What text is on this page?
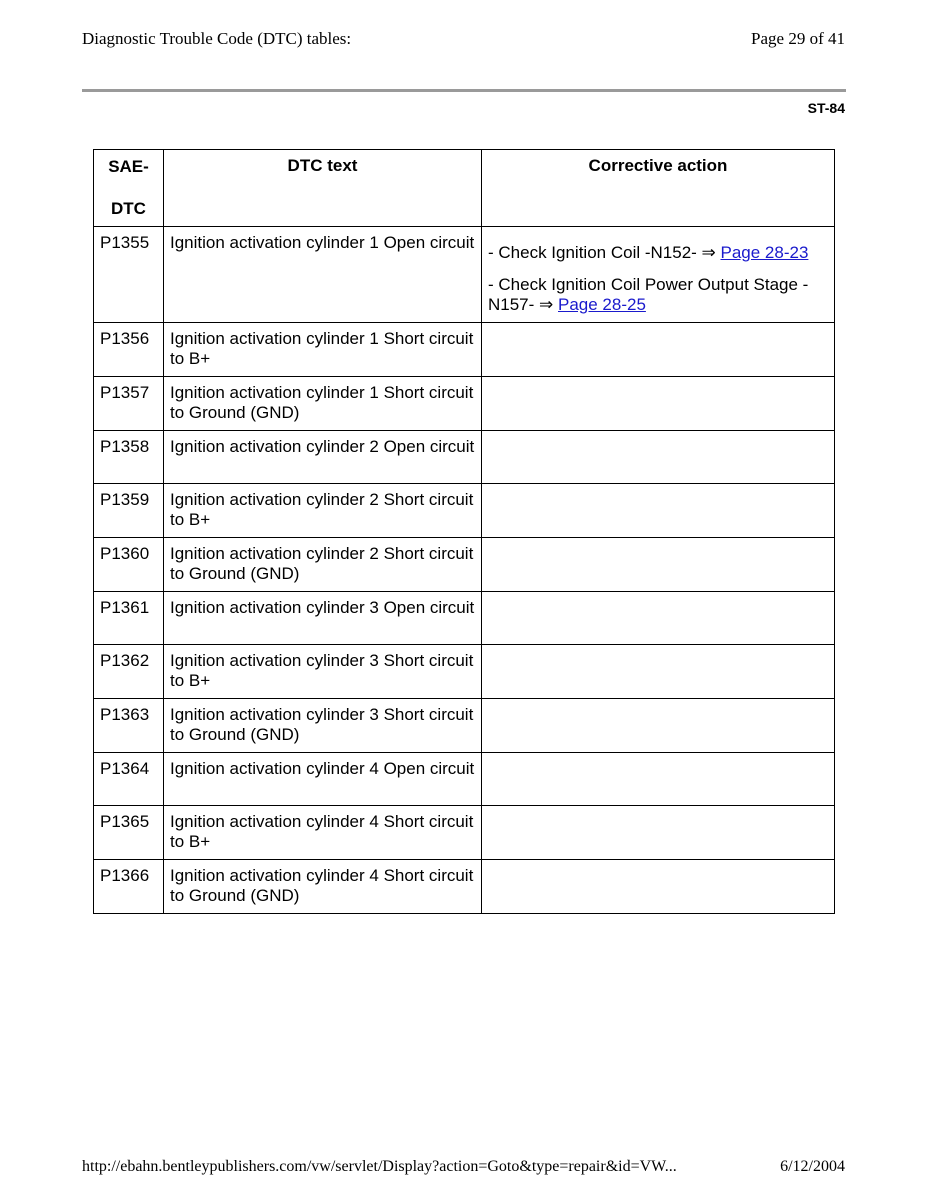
Diagnostic Trouble Code (DTC) tables:	Page 29 of 41
ST-84
SAE-
DTC	DTC text	Corrective action
P1355	Ignition activation cylinder 1 Open circuit	- Check Ignition Coil -N152- ⇒ Page 28-23

- Check Ignition Coil Power Output Stage -N157- ⇒ Page 28-25

P1356	Ignition activation cylinder 1 Short circuit to B+	
P1357	Ignition activation cylinder 1 Short circuit to Ground (GND)	
P1358	Ignition activation cylinder 2 Open circuit	
P1359	Ignition activation cylinder 2 Short circuit to B+	
P1360	Ignition activation cylinder 2 Short circuit to Ground (GND)	
P1361	Ignition activation cylinder 3 Open circuit	
P1362	Ignition activation cylinder 3 Short circuit to B+	
P1363	Ignition activation cylinder 3 Short circuit to Ground (GND)	
P1364	Ignition activation cylinder 4 Open circuit	
P1365	Ignition activation cylinder 4 Short circuit to B+	
P1366	Ignition activation cylinder 4 Short circuit to Ground (GND)	
http://ebahn.bentleypublishers.com/vw/servlet/Display?action=Goto&type=repair&id=VW...	6/12/2004
